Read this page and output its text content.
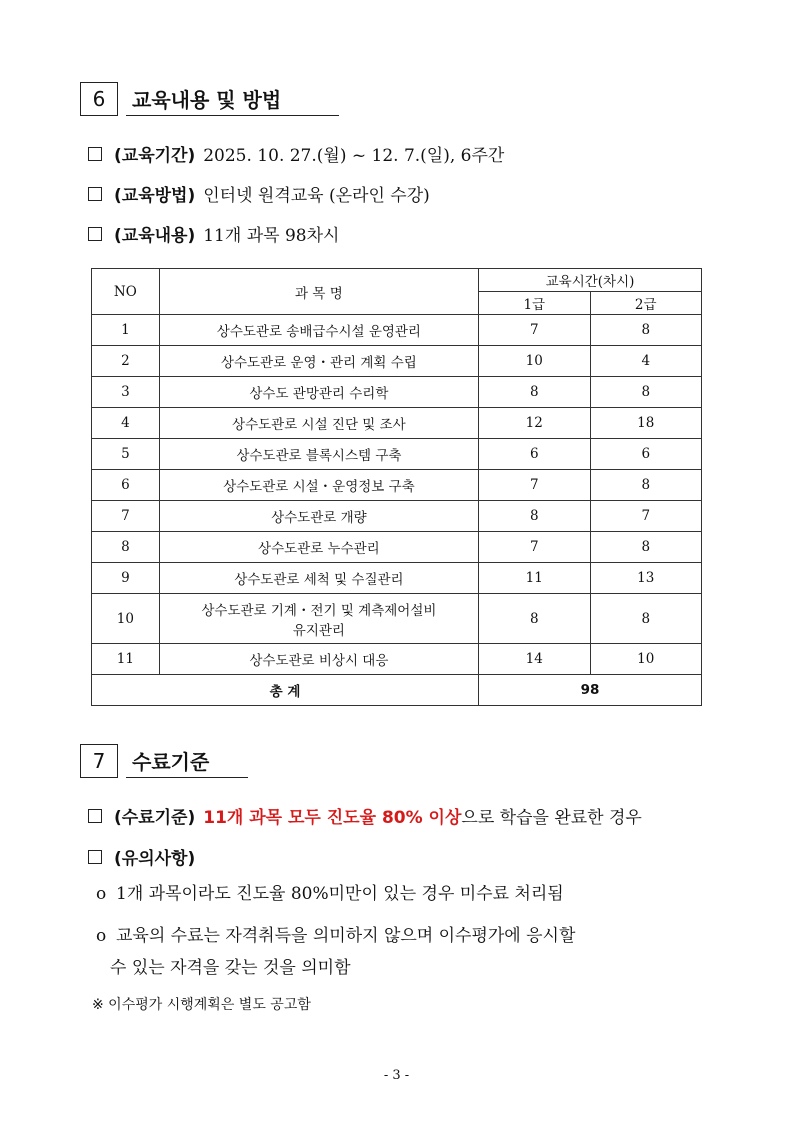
6	교육내용 및 방법
(교육기간) 2025. 10. 27.(월) ~ 12. 7.(일), 6주간
(교육방법) 인터넷 원격교육 (온라인 수강)
(교육내용) 11개 과목 98차시
NO	과 목 명	교육시간(차시)	
		1급	2급
1	상수도관로 송배급수시설 운영관리	7	8
2	상수도관로 운영・관리 계획 수립	10	4
3	상수도 관망관리 수리학	8	8
4	상수도관로 시설 진단 및 조사	12	18
5	상수도관로 블록시스템 구축	6	6
6	상수도관로 시설・운영정보 구축	7	8
7	상수도관로 개량	8	7
8	상수도관로 누수관리	7	8
9	상수도관로 세척 및 수질관리	11	13
10	상수도관로 기계・전기 및 계측제어설비
유지관리	8	8
11	상수도관로 비상시 대응	14	10
총 계		98	
7	수료기준
(수료기준) 11개 과목 모두 진도율 80% 이상 으로 학습을 완료한 경우
(유의사항)
o 1개 과목이라도 진도율 80%미만이 있는 경우 미수료 처리됨
o 교육의 수료는 자격취득을 의미하지 않으며 이수평가에 응시할
수 있는 자격을 갖는 것을 의미함
※ 이수평가 시행계획은 별도 공고함
- 3 -
